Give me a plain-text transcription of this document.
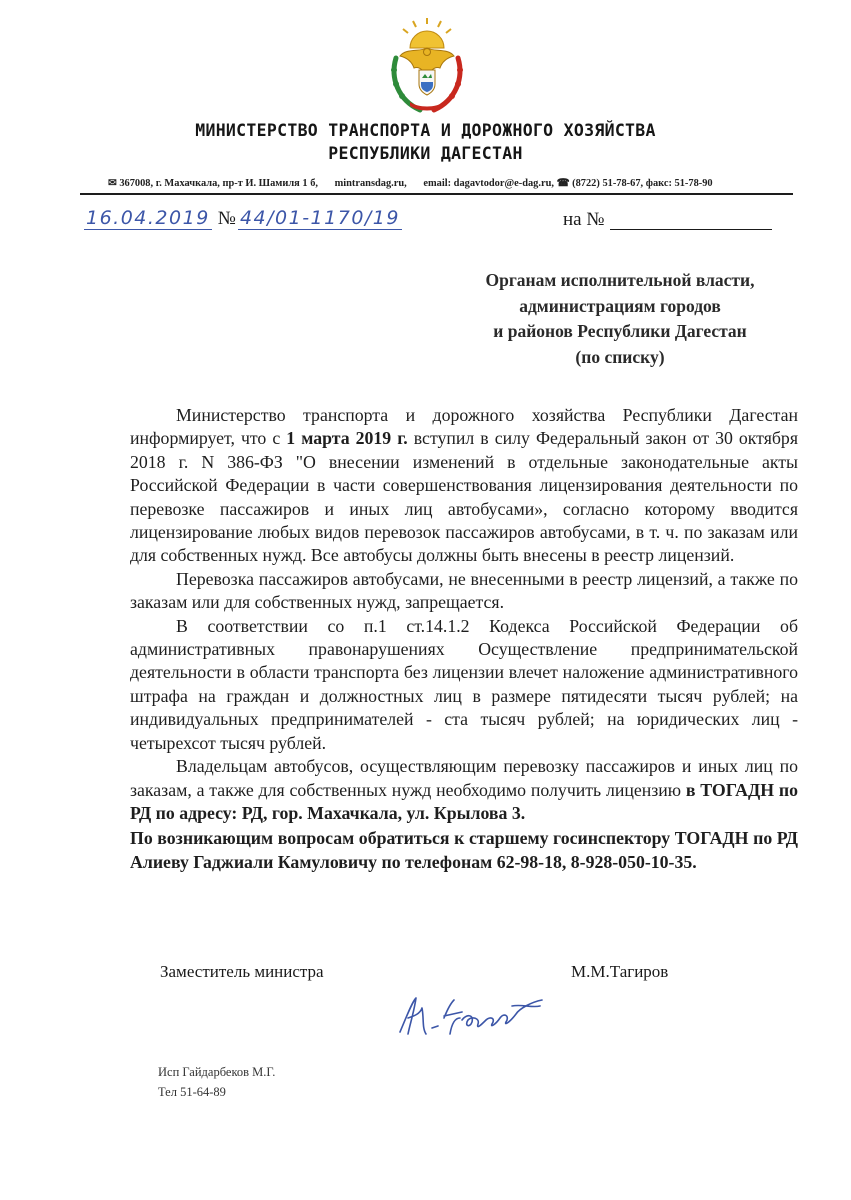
МИНИСТЕРСТВО ТРАНСПОРТА И ДОРОЖНОГО ХОЗЯЙСТВА
РЕСПУБЛИКИ ДАГЕСТАН
✉ 367008, г. Махачкала, пр-т И. Шамиля 1 б, mintransdag.ru, email: dagavtodor@e-dag.ru, ☎ (8722) 51-78-67, факс: 51-78-90
16.04.2019 № 44/01-1170/19	на №
Органам исполнительной власти,
администрациям городов
и районов Республики Дагестан
(по списку)

Министерство транспорта и дорожного хозяйства Республики Дагестан информирует, что с 1 марта 2019 г. вступил в силу Федеральный закон от 30 октября 2018 г. N 386-ФЗ "О внесении изменений в отдельные законодательные акты Российской Федерации в части совершенствования лицензирования деятельности по перевозке пассажиров и иных лиц автобусами», согласно которому вводится лицензирование любых видов перевозок пассажиров автобусами, в т. ч. по заказам или для собственных нужд. Все автобусы должны быть внесены в реестр лицензий.

Перевозка пассажиров автобусами, не внесенными в реестр лицензий, а также по заказам или для собственных нужд, запрещается.

В соответствии со п.1 ст.14.1.2 Кодекса Российской Федерации об административных правонарушениях Осуществление предпринимательской деятельности в области транспорта без лицензии влечет наложение административного штрафа на граждан и должностных лиц в размере пятидесяти тысяч рублей; на индивидуальных предпринимателей - ста тысяч рублей; на юридических лиц - четырехсот тысяч рублей.

Владельцам автобусов, осуществляющим перевозку пассажиров и иных лиц по заказам, а также для собственных нужд необходимо получить лицензию в ТОГАДН по РД по адресу: РД, гор. Махачкала, ул. Крылова 3.

По возникающим вопросам обратиться к старшему госинспектору ТОГАДН по РД Алиеву Гаджиали Камуловичу по телефонам 62-98-18, 8-928-050-10-35.

Заместитель министра	М.М.Тагиров
Исп Гайдарбеков М.Г.
Тел 51-64-89
